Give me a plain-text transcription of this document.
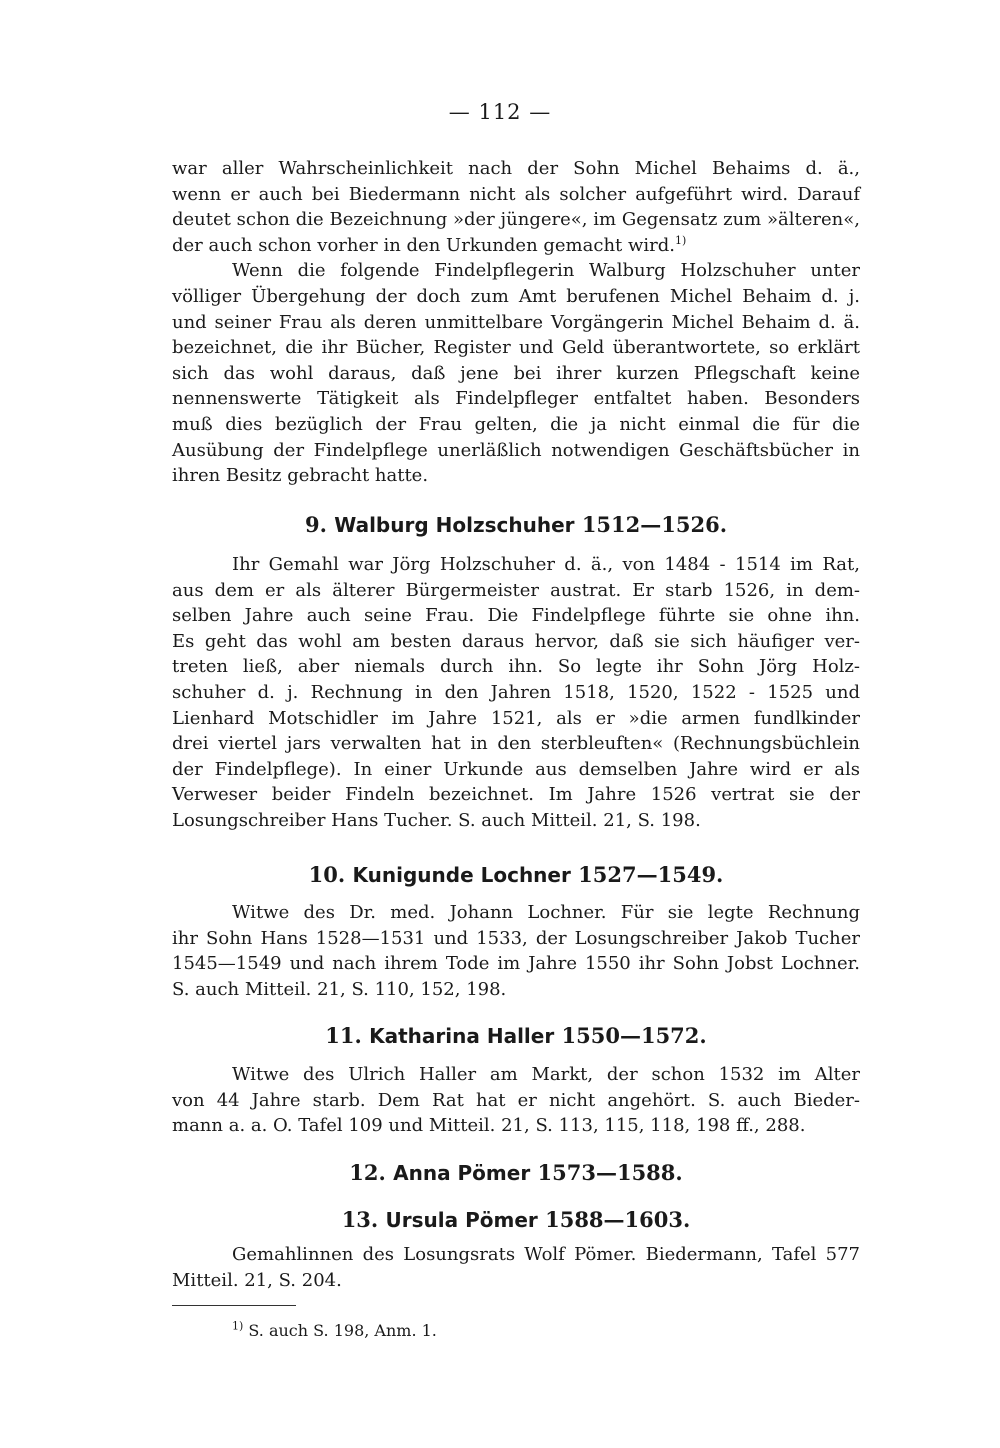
— 112 —
war aller Wahrscheinlichkeit nach der Sohn Michel Behaims d. ä.,
wenn er auch bei Biedermann nicht als solcher aufgeführt wird. Darauf
deutet schon die Bezeichnung »der jüngere«, im Gegensatz zum »älteren«,
der auch schon vorher in den Urkunden gemacht wird.$^{1)}$
Wenn die folgende Findelpflegerin Walburg Holzschuher unter
völliger Übergehung der doch zum Amt berufenen Michel Behaim d. j.
und seiner Frau als deren unmittelbare Vorgängerin Michel Behaim d. ä.
bezeichnet, die ihr Bücher, Register und Geld überantwortete, so erklärt
sich das wohl daraus, daß jene bei ihrer kurzen Pflegschaft keine
nennenswerte Tätigkeit als Findelpfleger entfaltet haben. Besonders
muß dies bezüglich der Frau gelten, die ja nicht einmal die für die
Ausübung der Findelpflege unerläßlich notwendigen Geschäftsbücher in
ihren Besitz gebracht hatte.
9. Walburg Holzschuher 1512—1526.
Ihr Gemahl war Jörg Holzschuher d. ä., von 1484 - 1514 im Rat,
aus dem er als älterer Bürgermeister austrat. Er starb 1526, in dem-
selben Jahre auch seine Frau. Die Findelpflege führte sie ohne ihn.
Es geht das wohl am besten daraus hervor, daß sie sich häufiger ver-
treten ließ, aber niemals durch ihn. So legte ihr Sohn Jörg Holz-
schuher d. j. Rechnung in den Jahren 1518, 1520, 1522 - 1525 und
Lienhard Motschidler im Jahre 1521, als er »die armen fundlkinder
drei viertel jars verwalten hat in den sterbleuften« (Rechnungsbüchlein
der Findelpflege). In einer Urkunde aus demselben Jahre wird er als
Verweser beider Findeln bezeichnet. Im Jahre 1526 vertrat sie der
Losungschreiber Hans Tucher. S. auch Mitteil. 21, S. 198.
10. Kunigunde Lochner 1527—1549.
Witwe des Dr. med. Johann Lochner. Für sie legte Rechnung
ihr Sohn Hans 1528—1531 und 1533, der Losungschreiber Jakob Tucher
1545—1549 und nach ihrem Tode im Jahre 1550 ihr Sohn Jobst Lochner.
S. auch Mitteil. 21, S. 110, 152, 198.
11. Katharina Haller 1550—1572.
Witwe des Ulrich Haller am Markt, der schon 1532 im Alter
von 44 Jahre starb. Dem Rat hat er nicht angehört. S. auch Bieder-
mann a. a. O. Tafel 109 und Mitteil. 21, S. 113, 115, 118, 198 ff., 288.
12. Anna Pömer 1573—1588.
13. Ursula Pömer 1588—1603.
Gemahlinnen des Losungsrats Wolf Pömer. Biedermann, Tafel 577
Mitteil. 21, S. 204.
$^{1)}$ S. auch S. 198, Anm. 1.
